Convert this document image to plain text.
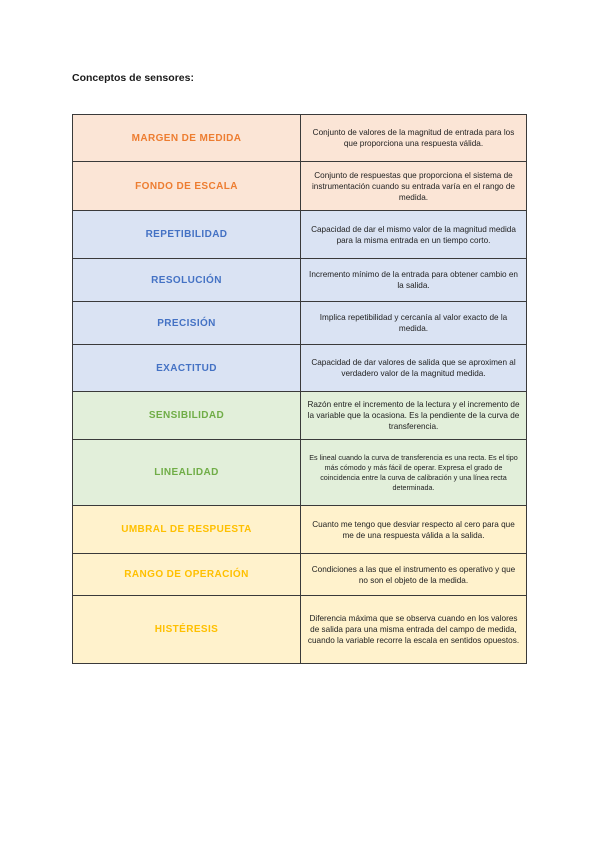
Conceptos de sensores:
MARGEN DE MEDIDA	Conjunto de valores de la magnitud de entrada para los que proporciona una respuesta válida.
FONDO DE ESCALA	Conjunto de respuestas que proporciona el sistema de instrumentación cuando su entrada varía en el rango de medida.
REPETIBILIDAD	Capacidad de dar el mismo valor de la magnitud medida para la misma entrada en un tiempo corto.
RESOLUCIÓN	Incremento mínimo de la entrada para obtener cambio en la salida.
PRECISIÓN	Implica repetibilidad y cercanía al valor exacto de la medida.
EXACTITUD	Capacidad de dar valores de salida que se aproximen al verdadero valor de la magnitud medida.
SENSIBILIDAD	Razón entre el incremento de la lectura y el incremento de la variable que la ocasiona. Es la pendiente de la curva de transferencia.
LINEALIDAD	Es lineal cuando la curva de transferencia es una recta. Es el tipo más cómodo y más fácil de operar. Expresa el grado de coincidencia entre la curva de calibración y una línea recta determinada.
UMBRAL DE RESPUESTA	Cuanto me tengo que desviar respecto al cero para que me de una respuesta válida a la salida.
RANGO DE OPERACIÓN	Condiciones a las que el instrumento es operativo y que no son el objeto de la medida.
HISTÉRESIS	Diferencia máxima que se observa cuando en los valores de salida para una misma entrada del campo de medida, cuando la variable recorre la escala en sentidos opuestos.
